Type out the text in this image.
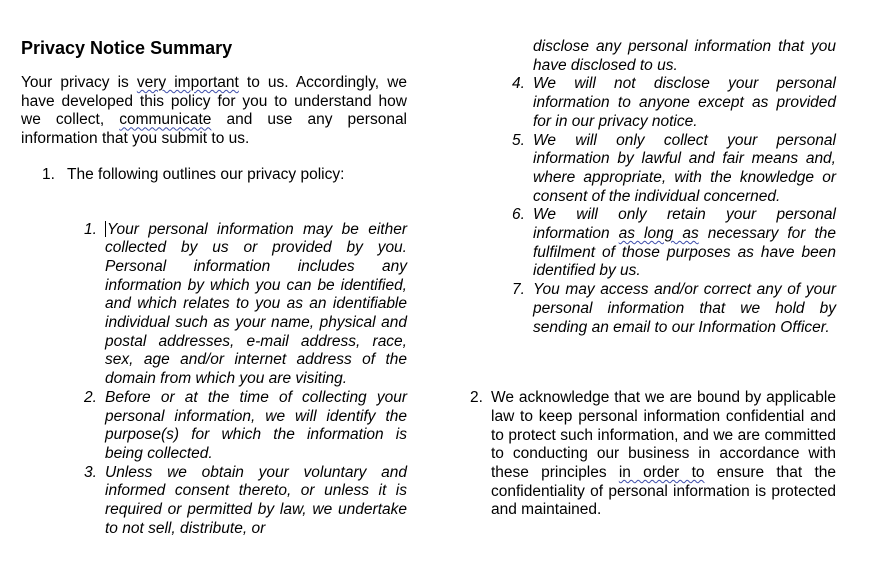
Privacy Notice Summary

Your privacy is very important to us. Accordingly, we have developed this policy for you to understand how we collect, communicate and use any personal information that you submit to us.

1. The following outlines our privacy policy:
1. Your personal information may be either collected by us or provided by you. Personal information includes any information by which you can be identified, and which relates to you as an identifiable individual such as your name, physical and postal addresses, e-mail address, race, sex, age and/or internet address of the domain from which you are visiting.
2. Before or at the time of collecting your personal information, we will identify the purpose(s) for which the information is being collected.
3. Unless we obtain your voluntary and informed consent thereto, or unless it is required or permitted by law, we undertake to not sell, distribute, or
disclose any personal information that you have disclosed to us.
4. We will not disclose your personal information to anyone except as provided for in our privacy notice.
5. We will only collect your personal information by lawful and fair means and, where appropriate, with the knowledge or consent of the individual concerned.
6. We will only retain your personal information as long as necessary for the fulfilment of those purposes as have been identified by us.
7. You may access and/or correct any of your personal information that we hold by sending an email to our Information Officer.
2. We acknowledge that we are bound by applicable law to keep personal information confidential and to protect such information, and we are committed to conducting our business in accordance with these principles in order to ensure that the confidentiality of personal information is protected and maintained.
